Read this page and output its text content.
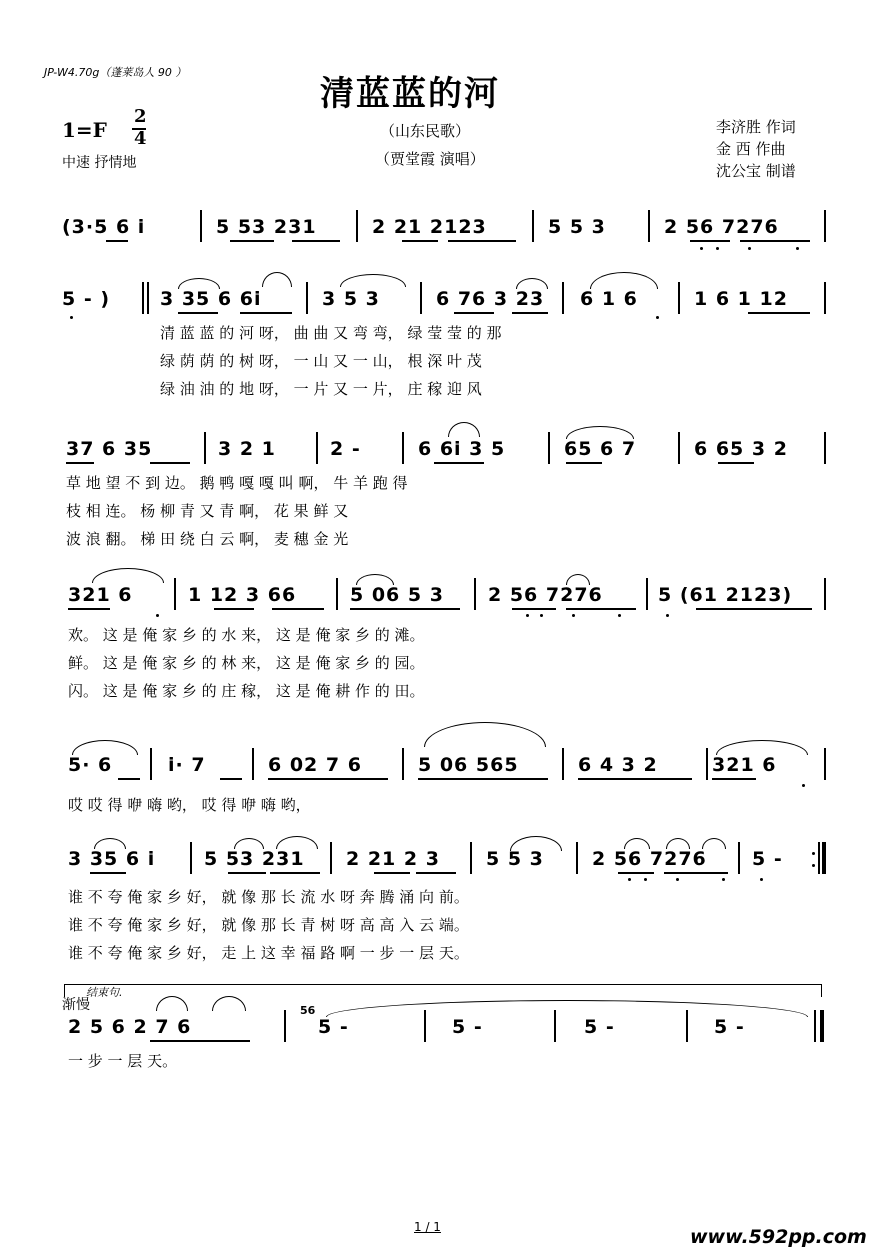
JP-W4.70g（蓬莱岛人 90 ）
清蓝蓝的河
（山东民歌）
（贾堂霞 演唱）
1=F
2
4
中速 抒情地
李济胜 作词
金 西 作曲
沈公宝 制谱
(3·5 6 i	5 53 231	2 21 2123	5 5 3	2 56 7276
5 - )	3 35 6 6i	3 5 3	6 76 3 23 6 1 6	1 6 1 12
清 蓝 蓝 的 河 呀， 曲 曲 又 弯 弯， 绿 莹 莹 的 那
绿 荫 荫 的 树 呀， 一 山 又 一 山， 根 深 叶 茂
绿 油 油 的 地 呀， 一 片 又 一 片， 庄 稼 迎 风
37 6 35	3 2 1	2 -	6 6i 3 5	65 6 7	6 65 3 2
草 地 望 不 到 边。 鹅 鸭 嘎 嘎 叫 啊， 牛 羊 跑 得
枝 相 连。 杨 柳 青 又 青 啊， 花 果 鲜 又
波 浪 翻。 梯 田 绕 白 云 啊， 麦 穗 金 光
321 6	1 12 3 66	5 06 5 3 2 56 7276	5 (61 2123)
欢。 这 是 俺 家 乡 的 水 来， 这 是 俺 家 乡 的 滩。
鲜。 这 是 俺 家 乡 的 林 来， 这 是 俺 家 乡 的 园。
闪。 这 是 俺 家 乡 的 庄 稼， 这 是 俺 耕 作 的 田。
5· 6	i· 7	6 02 7 6	5 06 565	6 4 3 2	321 6
哎 哎 得 咿 嗨 哟， 哎 得 咿 嗨 哟，
3 35 6 i	5 53 231 2 21 2 3 5 5 3	2 56 7276 5 -
谁 不 夸 俺 家 乡 好， 就 像 那 长 流 水 呀 奔 腾 涌 向 前。
谁 不 夸 俺 家 乡 好， 就 像 那 长 青 树 呀 高 高 入 云 端。
谁 不 夸 俺 家 乡 好， 走 上 这 幸 福 路 啊 一 步 一 层 天。
结束句.
渐慢
2 5 6 2 7 6
56
5 -	5 -	5 -	5 -
一 步 一 层 天。
1 / 1	www.592pp.com
